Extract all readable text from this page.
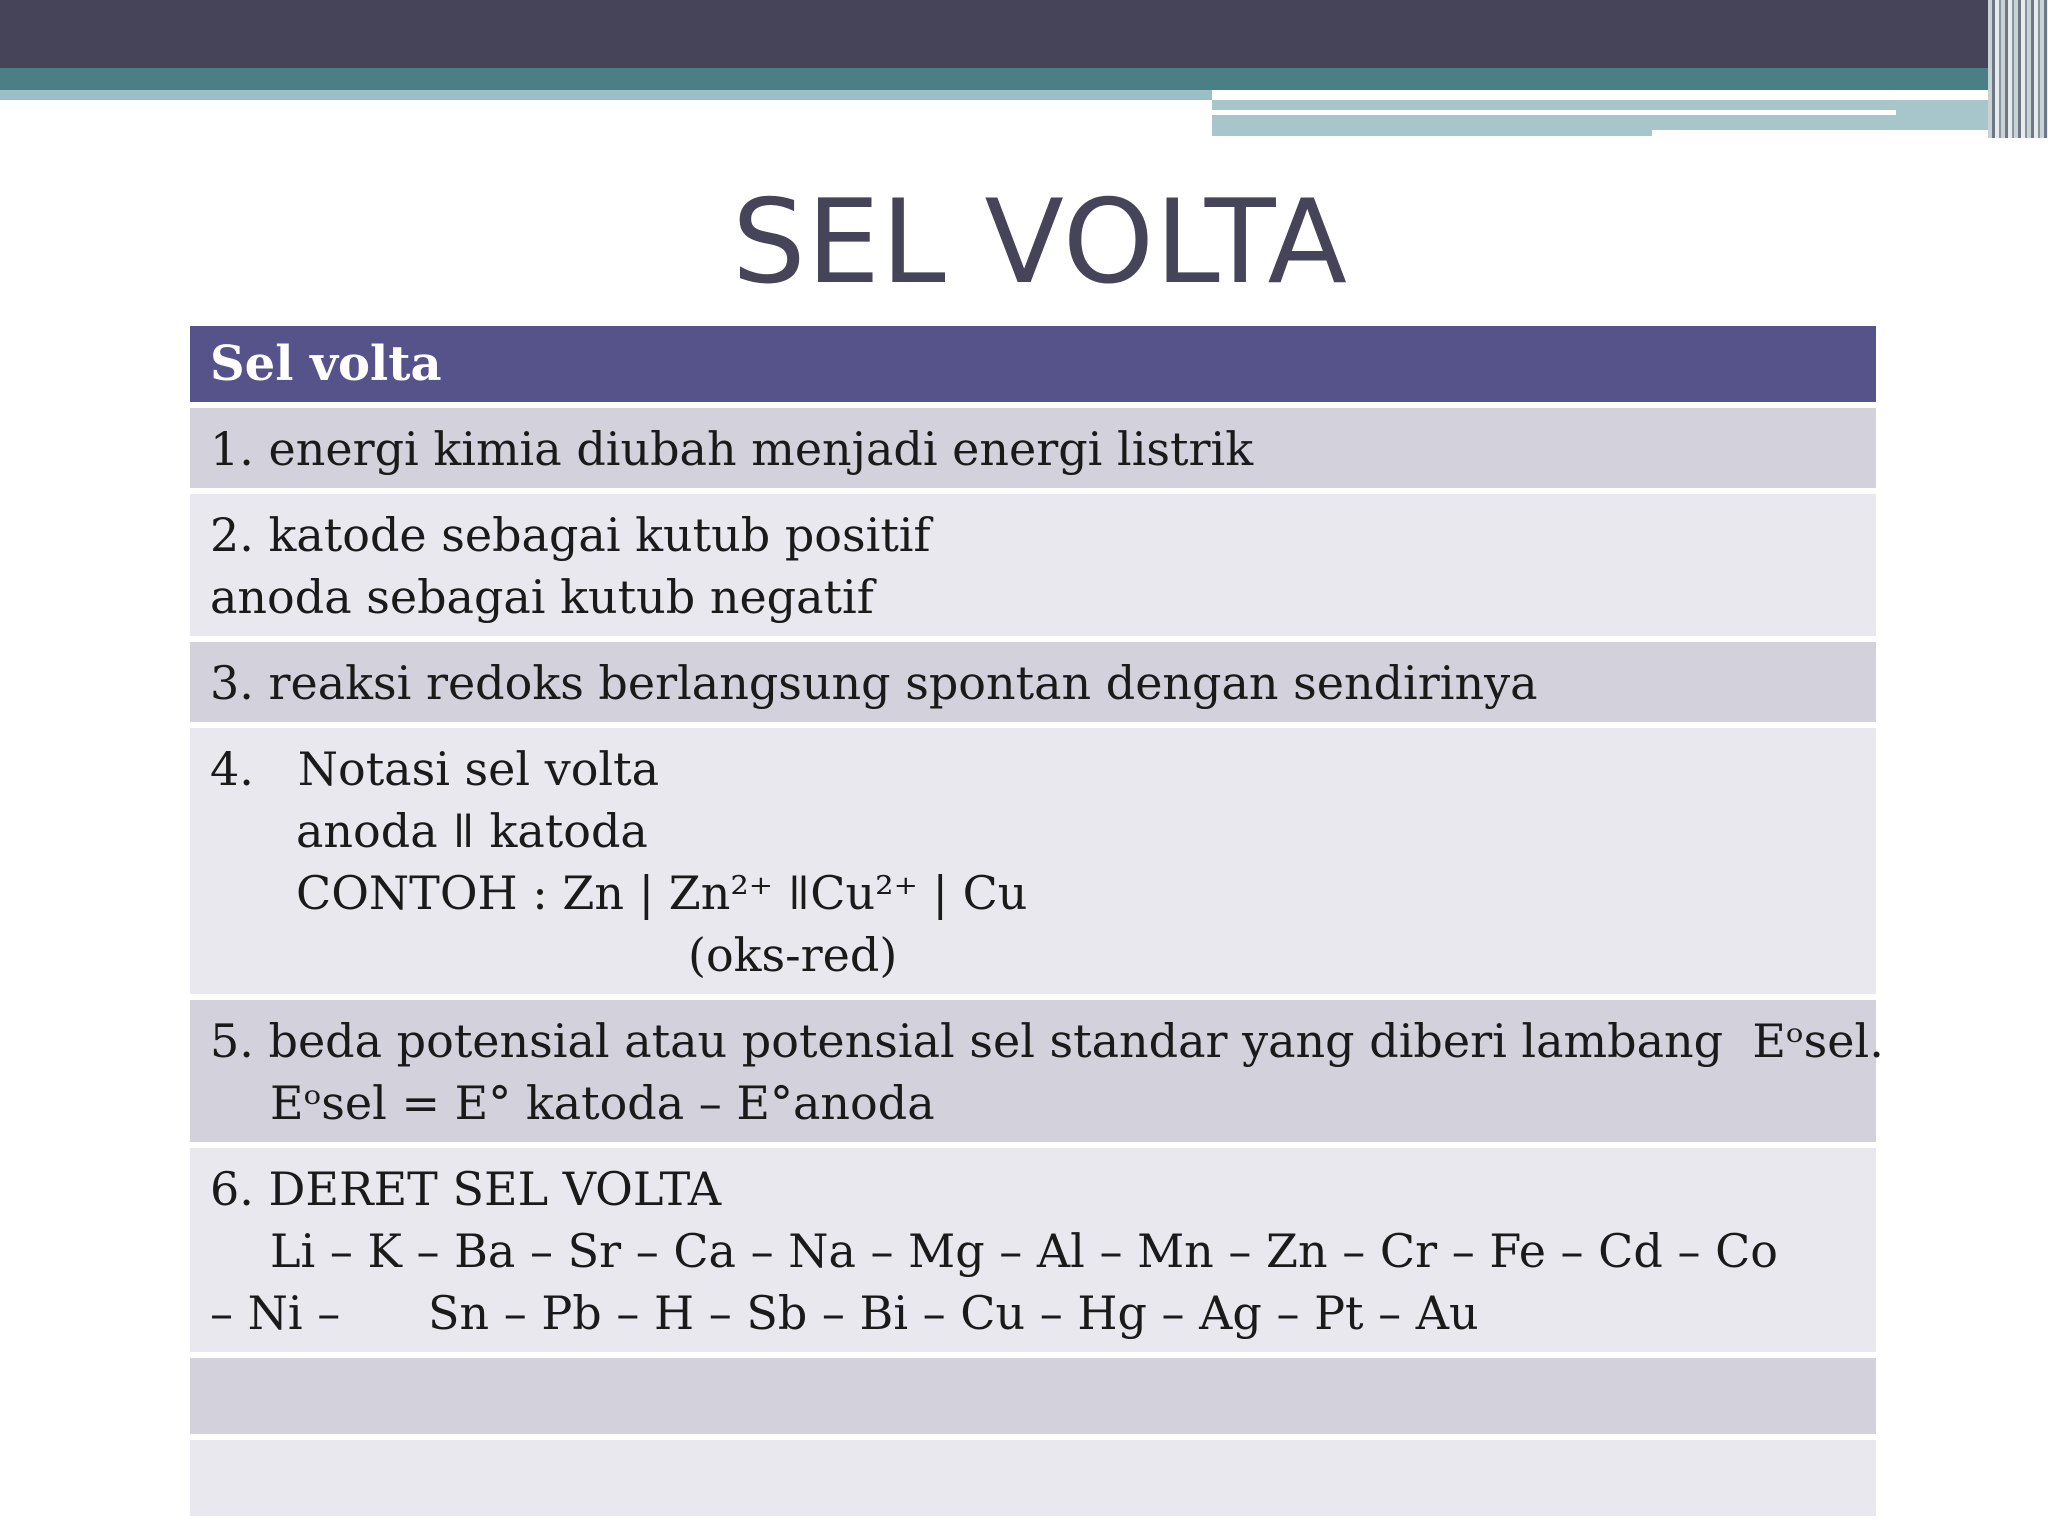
SEL VOLTA
Sel volta
1. energi kimia diubah menjadi energi listrik
2. katode sebagai kutub positif
anoda sebagai kutub negatif
3. reaksi redoks berlangsung spontan dengan sendirinya
4.   Notasi sel volta
anoda ǁ katoda
CONTOH : Zn | Zn²⁺ ǁCu²⁺ | Cu
(oks-red)
5. beda potensial atau potensial sel standar yang diberi lambang  Eᵒsel.
Eᵒsel = E° katoda – E°anoda
6. DERET SEL VOLTA
Li – K – Ba – Sr – Ca – Na – Mg – Al – Mn – Zn – Cr – Fe – Cd – Co
– Ni –      Sn – Pb – H – Sb – Bi – Cu – Hg – Ag – Pt – Au
